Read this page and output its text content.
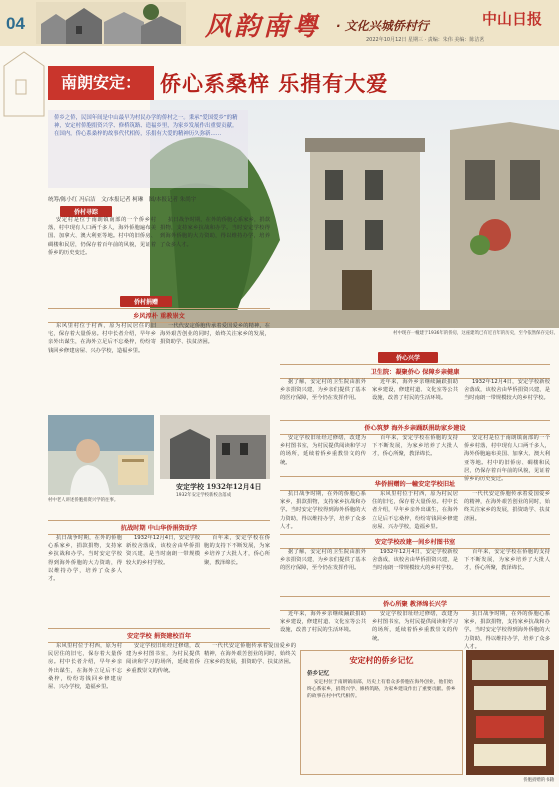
04	风韵南粤 · 文化兴城侨村行	中山日报
2022年10月12日 星期三 · 责编：朱伟 美编：陈洁茗
南朗安定： 侨心系桑梓 乐捐有大爱
村中现存一幢建于1936年的侨房，这座建筑已有近百年的历史，至今依然保存完好。
侨乡之侨，民国年间是中山最早为村民办学的侨村之一。秉承“爱国爱乡”的精神，安定村侨胞捐资兴学、修桥筑路、造福乡里，为家乡发展作出重要贡献。在国内，侨心系桑梓的故事代代相传，乐捐有大爱的精神历久弥新……
统筹/陈小红 冯启洁　文/本报记者 柯琳　图/本报记者 朱尚宇
侨村寻踪
安定村是位于南朗镇南部的一个侨乡村落，村中现有人口两千多人，海外侨胞遍布美国、加拿大、澳大利亚等地。村中的旧侨房、碉楼和民居，仍保存着百年前的风貌，见证着侨乡的历史变迁。
抗日战争时期，在外的侨胞心系家乡，捐款捐物，支持家乡抗战和办学。当时安定学校得到海外侨胞的大力资助，得以维持办学，培养了众多人才。
侨村捐赠
乡风淳朴 重教崇文
东风里村位于村西，原为村民居住的旧宅，保存着大量侨房。村中长者介绍，早年乡亲外出谋生，在海外立足后不忘桑梓，纷纷寄钱回乡修建房屋、兴办学校，造福乡里。
一代代安定侨胞传承着爱国爱乡的精神，在海外艰苦创业的同时，始终关注家乡的发展，捐资助学、扶贫济困。
村中老人讲述侨胞捐资兴学的往事。
安定学校 1932年12月4日
1932年安定学校新校舍落成
侨心兴学
卫生院：凝聚侨心 保障乡亲健康
据了解，安定村的卫生院由旅外乡亲捐资兴建，为乡亲们提供了基本的医疗保障，至今仍在发挥作用。
近年来，海外乡亲继续踊跃捐助家乡建设，修建村道、文化室等公共设施，改善了村民的生活环境。
1932年12月4日，安定学校新校舍落成，该校舍由华侨捐资兴建，是当时南朗一带规模较大的乡村学校。
侨心筑梦 海外乡亲踊跃捐助家乡建设
安定学校旧址经过修缮，改建为乡村图书室，为村民提供阅读和学习的场所，延续着侨乡重教崇文的传统。
百年来，安定学校在侨胞的支持下不断发展，为家乡培养了大批人才，侨心所聚，教泽绵长。
安定村是位于南朗镇南部的一个侨乡村落，村中现有人口两千多人，海外侨胞遍布美国、加拿大、澳大利亚等地。村中的旧侨房、碉楼和民居，仍保存着百年前的风貌，见证着侨乡的历史变迁。
华侨捐赠的一幢安定学校旧址
抗日战争时期，在外的侨胞心系家乡，捐款捐物，支持家乡抗战和办学。当时安定学校得到海外侨胞的大力资助，得以维持办学，培养了众多人才。
东风里村位于村西，原为村民居住的旧宅，保存着大量侨房。村中长者介绍，早年乡亲外出谋生，在海外立足后不忘桑梓，纷纷寄钱回乡修建房屋、兴办学校，造福乡里。
一代代安定侨胞传承着爱国爱乡的精神，在海外艰苦创业的同时，始终关注家乡的发展，捐资助学、扶贫济困。
安定学校改建一间乡村图书室
据了解，安定村的卫生院由旅外乡亲捐资兴建，为乡亲们提供了基本的医疗保障，至今仍在发挥作用。
1932年12月4日，安定学校新校舍落成，该校舍由华侨捐资兴建，是当时南朗一带规模较大的乡村学校。
百年来，安定学校在侨胞的支持下不断发展，为家乡培养了大批人才，侨心所聚，教泽绵长。
侨心所聚 教泽绵长兴学
近年来，海外乡亲继续踊跃捐助家乡建设，修建村道、文化室等公共设施，改善了村民的生活环境。
安定学校旧址经过修缮，改建为乡村图书室，为村民提供阅读和学习的场所，延续着侨乡重教崇文的传统。
抗日战争时期，在外的侨胞心系家乡，捐款捐物，支持家乡抗战和办学。当时安定学校得到海外侨胞的大力资助，得以维持办学，培养了众多人才。
抗战时期 中山华侨捐资助学
抗日战争时期，在外的侨胞心系家乡，捐款捐物，支持家乡抗战和办学。当时安定学校得到海外侨胞的大力资助，得以维持办学，培养了众多人才。
1932年12月4日，安定学校新校舍落成，该校舍由华侨捐资兴建，是当时南朗一带规模较大的乡村学校。
百年来，安定学校在侨胞的支持下不断发展，为家乡培养了大批人才，侨心所聚，教泽绵长。
安定学校 捐资建校百年
东风里村位于村西，原为村民居住的旧宅，保存着大量侨房。村中长者介绍，早年乡亲外出谋生，在海外立足后不忘桑梓，纷纷寄钱回乡修建房屋、兴办学校，造福乡里。
安定学校旧址经过修缮，改建为乡村图书室，为村民提供阅读和学习的场所，延续着侨乡重教崇文的传统。
一代代安定侨胞传承着爱国爱乡的精神，在海外艰苦创业的同时，始终关注家乡的发展，捐资助学、扶贫济困。	安定村的侨乡记忆
侨乡记忆
安定村位于南朗镇南部，历史上有着众多侨胞在海外创业，他们始终心系家乡，捐资兴学、修桥筑路，为家乡建设作出了重要贡献。侨乡的故事在村中代代相传。
侨胞捐赠的书籍
